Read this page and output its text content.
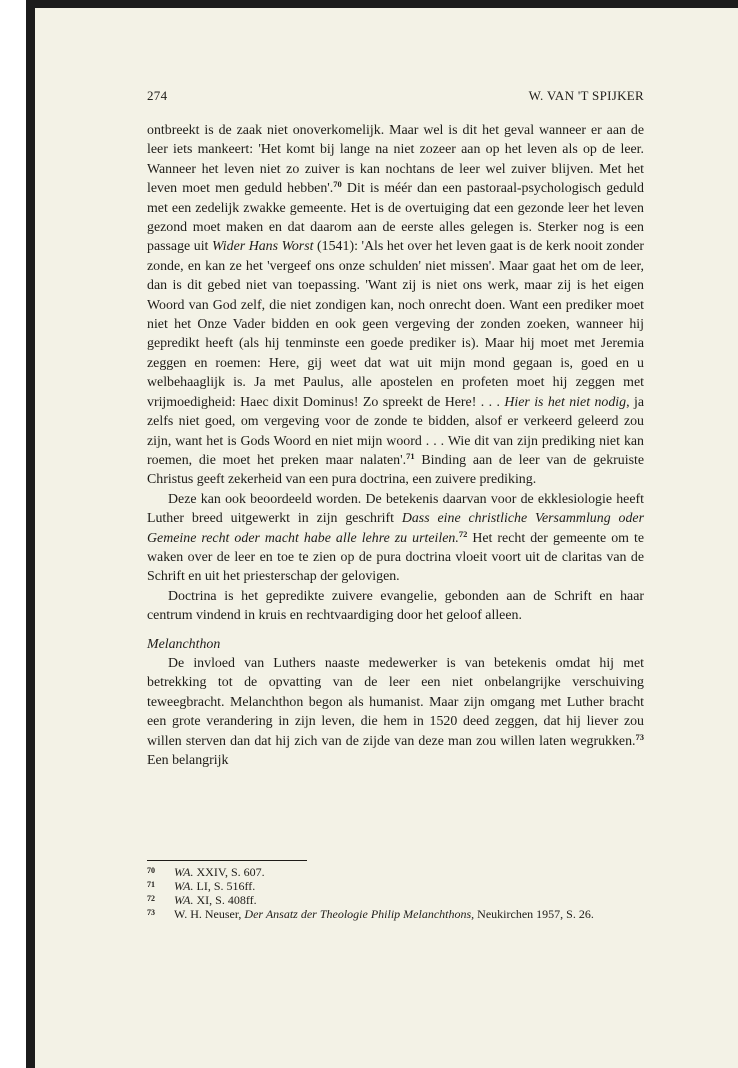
274	W. VAN 'T SPIJKER

ontbreekt is de zaak niet onoverkomelijk. Maar wel is dit het geval wanneer er aan de leer iets mankeert: 'Het komt bij lange na niet zozeer aan op het leven als op de leer. Wanneer het leven niet zo zuiver is kan nochtans de leer wel zuiver blijven. Met het leven moet men geduld hebben'.$^{70}$ Dit is méér dan een pastoraal-psychologisch geduld met een zedelijk zwakke gemeente. Het is de overtuiging dat een gezonde leer het leven gezond moet maken en dat daarom aan de eerste alles gelegen is. Sterker nog is een passage uit Wider Hans Worst (1541): 'Als het over het leven gaat is de kerk nooit zonder zonde, en kan ze het 'vergeef ons onze schulden' niet missen'. Maar gaat het om de leer, dan is dit gebed niet van toepassing. 'Want zij is niet ons werk, maar zij is het eigen Woord van God zelf, die niet zondigen kan, noch onrecht doen. Want een prediker moet niet het Onze Vader bidden en ook geen vergeving der zonden zoeken, wanneer hij gepredikt heeft (als hij tenminste een goede prediker is). Maar hij moet met Jeremia zeggen en roemen: Here, gij weet dat wat uit mijn mond gegaan is, goed en u welbehaaglijk is. Ja met Paulus, alle apostelen en profeten moet hij zeggen met vrijmoedigheid: Haec dixit Dominus! Zo spreekt de Here! . . . Hier is het niet nodig, ja zelfs niet goed, om vergeving voor de zonde te bidden, alsof er verkeerd geleerd zou zijn, want het is Gods Woord en niet mijn woord . . . Wie dit van zijn prediking niet kan roemen, die moet het preken maar nalaten'.$^{71}$ Binding aan de leer van de gekruiste Christus geeft zekerheid van een pura doctrina, een zuivere prediking.

Deze kan ook beoordeeld worden. De betekenis daarvan voor de ekklesiologie heeft Luther breed uitgewerkt in zijn geschrift Dass eine christliche Versammlung oder Gemeine recht oder macht habe alle lehre zu urteilen.$^{72}$ Het recht der gemeente om te waken over de leer en toe te zien op de pura doctrina vloeit voort uit de claritas van de Schrift en uit het priesterschap der gelovigen.

Doctrina is het gepredikte zuivere evangelie, gebonden aan de Schrift en haar centrum vindend in kruis en rechtvaardiging door het geloof alleen.

Melanchthon

De invloed van Luthers naaste medewerker is van betekenis omdat hij met betrekking tot de opvatting van de leer een niet onbelangrijke verschuiving teweegbracht. Melanchthon begon als humanist. Maar zijn omgang met Luther bracht een grote verandering in zijn leven, die hem in 1520 deed zeggen, dat hij liever zou willen sterven dan dat hij zich van de zijde van deze man zou willen laten wegrukken.$^{73}$ Een belangrijk

70	WA. XXIV, S. 607.
71	WA. LI, S. 516ff.
72	WA. XI, S. 408ff.
73	W. H. Neuser, Der Ansatz der Theologie Philip Melanchthons, Neukirchen 1957, S. 26.
